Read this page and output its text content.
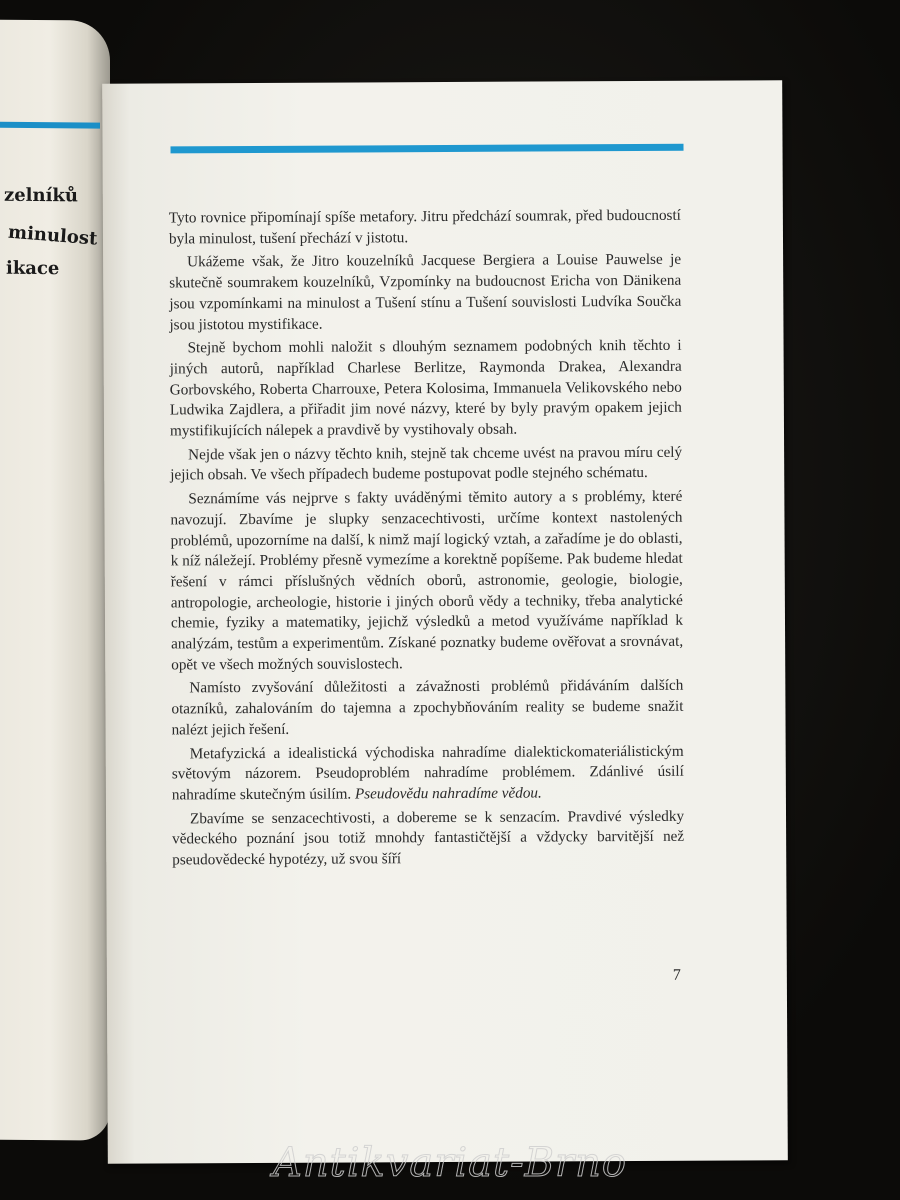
zelníků
minulost
ikace

Tyto rovnice připomínají spíše metafory. Jitru předchází soumrak, před budoucností byla minulost, tušení přechází v jistotu.

Ukážeme však, že Jitro kouzelníků Jacquese Bergiera a Louise Pauwelse je skutečně soumrakem kouzelníků, Vzpomínky na budoucnost Ericha von Dänikena jsou vzpomínkami na minulost a Tušení stínu a Tušení souvislosti Ludvíka Součka jsou jistotou mystifikace.

Stejně bychom mohli naložit s dlouhým seznamem podobných knih těchto i jiných autorů, například Charlese Berlitze, Raymonda Drakea, Alexandra Gorbovského, Roberta Charrouxe, Petera Kolosima, Immanuela Velikovského nebo Ludwika Zajdlera, a přiřadit jim nové názvy, které by byly pravým opakem jejich mystifikujících nálepek a pravdivě by vystihovaly obsah.

Nejde však jen o názvy těchto knih, stejně tak chceme uvést na pravou míru celý jejich obsah. Ve všech případech budeme postupovat podle stejného schématu.

Seznámíme vás nejprve s fakty uváděnými těmito autory a s problémy, které navozují. Zbavíme je slupky senzacechtivosti, určíme kontext nastolených problémů, upozorníme na další, k nimž mají logický vztah, a zařadíme je do oblasti, k níž náležejí. Problémy přesně vymezíme a korektně popíšeme. Pak budeme hledat řešení v rámci příslušných vědních oborů, astronomie, geologie, biologie, antropologie, archeologie, historie i jiných oborů vědy a techniky, třeba analytické chemie, fyziky a matematiky, jejichž výsledků a metod využíváme například k analýzám, testům a experimentům. Získané poznatky budeme ověřovat a srovnávat, opět ve všech možných souvislostech.

Namísto zvyšování důležitosti a závažnosti problémů přidáváním dalších otazníků, zahalováním do tajemna a zpochybňováním reality se budeme snažit nalézt jejich řešení.

Metafyzická a idealistická východiska nahradíme dialektickomateriálistickým světovým názorem. Pseudoproblém nahradíme problémem. Zdánlivé úsilí nahradíme skutečným úsilím. Pseudovědu nahradíme vědou.

Zbavíme se senzacechtivosti, a dobereme se k senzacím. Pravdivé výsledky vědeckého poznání jsou totiž mnohdy fantastičtější a vždycky barvitější než pseudovědecké hypotézy, už svou šíří

7
Antikvariat-Brno
